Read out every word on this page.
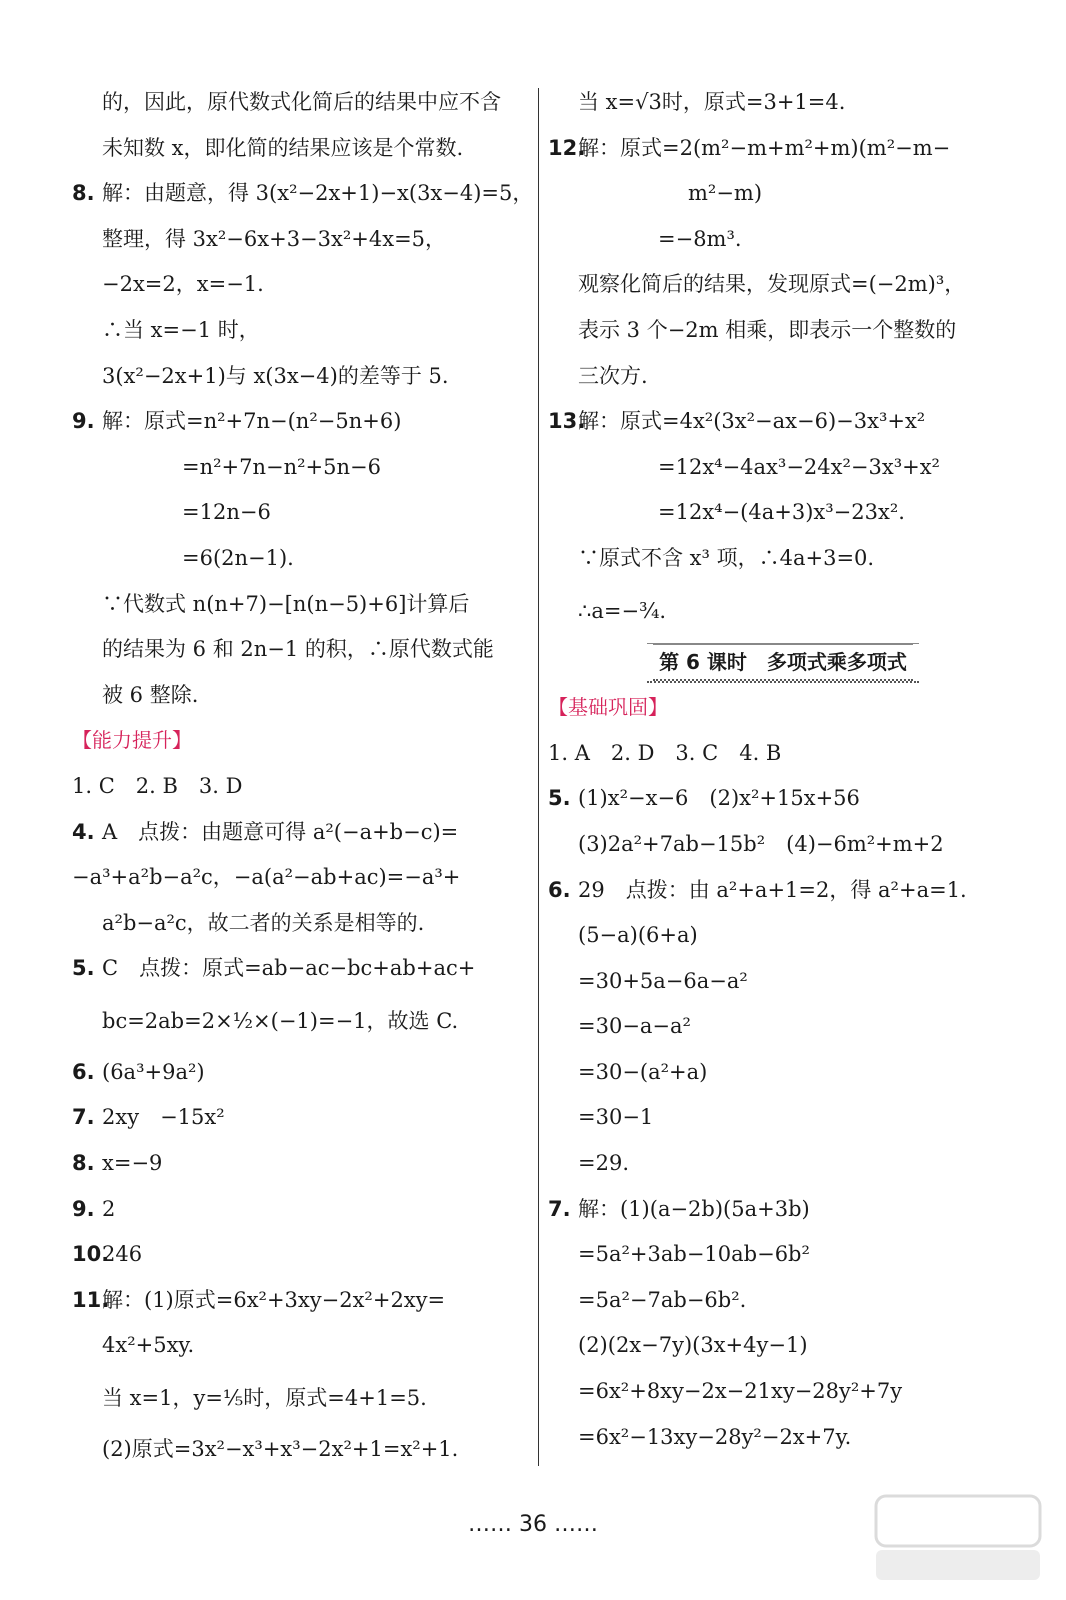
的，因此，原代数式化简后的结果中应不含
未知数 x，即化简的结果应该是个常数.
8. 解：由题意，得 3(x²−2x+1)−x(3x−4)=5，
整理，得 3x²−6x+3−3x²+4x=5，
−2x=2，x=−1.
∴当 x=−1 时，
3(x²−2x+1)与 x(3x−4)的差等于 5.
9. 解：原式=n²+7n−(n²−5n+6)
=n²+7n−n²+5n−6
=12n−6
=6(2n−1).
∵代数式 n(n+7)−[n(n−5)+6]计算后
的结果为 6 和 2n−1 的积，∴原代数式能
被 6 整除.
【能力提升】
1. C　2. B　3. D
4. A　点拨：由题意可得 a²(−a+b−c)=
−a³+a²b−a²c，−a(a²−ab+ac)=−a³+
a²b−a²c，故二者的关系是相等的.
5. C　点拨：原式=ab−ac−bc+ab+ac+
bc=2ab=2×½×(−1)=−1，故选 C.
6. (6a³+9a²)
7. 2xy　−15x²
8. x=−9
9. 2
10.246
11.解：(1)原式=6x²+3xy−2x²+2xy=
4x²+5xy.
当 x=1，y=⅕时，原式=4+1=5.
(2)原式=3x²−x³+x³−2x²+1=x²+1.
当 x=√3时，原式=3+1=4.
12.解：原式=2(m²−m+m²+m)(m²−m−
m²−m)
=−8m³.
观察化简后的结果，发现原式=(−2m)³，
表示 3 个−2m 相乘，即表示一个整数的
三次方.
13.解：原式=4x²(3x²−ax−6)−3x³+x²
=12x⁴−4ax³−24x²−3x³+x²
=12x⁴−(4a+3)x³−23x².
∵原式不含 x³ 项，∴4a+3=0.
∴a=−¾.
第 6 课时　多项式乘多项式
【基础巩固】
1. A　2. D　3. C　4. B
5. (1)x²−x−6　(2)x²+15x+56
(3)2a²+7ab−15b²　(4)−6m²+m+2
6. 29　点拨：由 a²+a+1=2，得 a²+a=1.
(5−a)(6+a)
=30+5a−6a−a²
=30−a−a²
=30−(a²+a)
=30−1
=29.
7. 解：(1)(a−2b)(5a+3b)
=5a²+3ab−10ab−6b²
=5a²−7ab−6b².
(2)(2x−7y)(3x+4y−1)
=6x²+8xy−2x−21xy−28y²+7y
=6x²−13xy−28y²−2x+7y.
…… 36 ……
